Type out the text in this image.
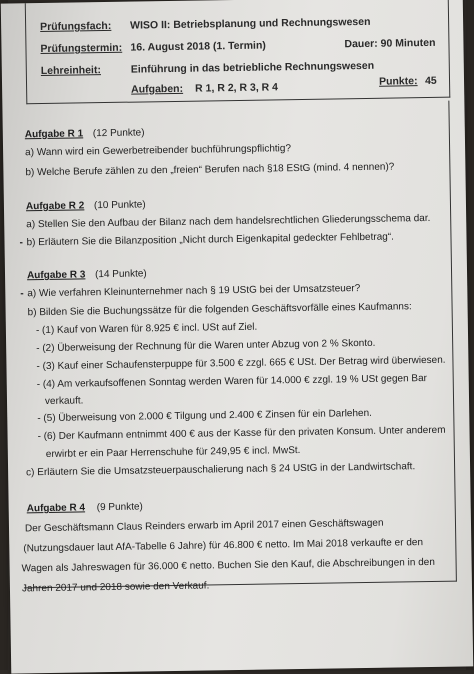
Prüfungsfach: WISO II: Betriebsplanung und Rechnungswesen
Prüfungstermin: 16. August 2018 (1. Termin)	Dauer: 90 Minuten
Lehreinheit:	Einführung in das betriebliche Rechnungswesen
Aufgaben: R 1, R 2, R 3, R 4	Punkte: 45
Aufgabe R 1 (12 Punkte)
a) Wann wird ein Gewerbetreibender buchführungspflichtig?
b) Welche Berufe zählen zu den „freien“ Berufen nach §18 EStG (mind. 4 nennen)?
Aufgabe R 2 (10 Punkte)
a) Stellen Sie den Aufbau der Bilanz nach dem handelsrechtlichen Gliederungsschema dar.
- b) Erläutern Sie die Bilanzposition „Nicht durch Eigenkapital gedeckter Fehlbetrag“.
Aufgabe R 3 (14 Punkte)
- a) Wie verfahren Kleinunternehmer nach § 19 UStG bei der Umsatzsteuer?
b) Bilden Sie die Buchungssätze für die folgenden Geschäftsvorfälle eines Kaufmanns:
- (1) Kauf von Waren für 8.925 € incl. USt auf Ziel.
- (2) Überweisung der Rechnung für die Waren unter Abzug von 2 % Skonto.
- (3) Kauf einer Schaufensterpuppe für 3.500 € zzgl. 665 € USt. Der Betrag wird überwiesen.
- (4) Am verkaufsoffenen Sonntag werden Waren für 14.000 € zzgl. 19 % USt gegen Bar
verkauft.
- (5) Überweisung von 2.000 € Tilgung und 2.400 € Zinsen für ein Darlehen.
- (6) Der Kaufmann entnimmt 400 € aus der Kasse für den privaten Konsum. Unter anderem
erwirbt er ein Paar Herrenschuhe für 249,95 € incl. MwSt.
c) Erläutern Sie die Umsatzsteuerpauschalierung nach § 24 UStG in der Landwirtschaft.
Aufgabe R 4 (9 Punkte)
Der Geschäftsmann Claus Reinders erwarb im April 2017 einen Geschäftswagen
(Nutzungsdauer laut AfA-Tabelle 6 Jahre) für 46.800 € netto. Im Mai 2018 verkaufte er den
Wagen als Jahreswagen für 36.000 € netto. Buchen Sie den Kauf, die Abschreibungen in den
Jahren 2017 und 2018 sowie den Verkauf.
